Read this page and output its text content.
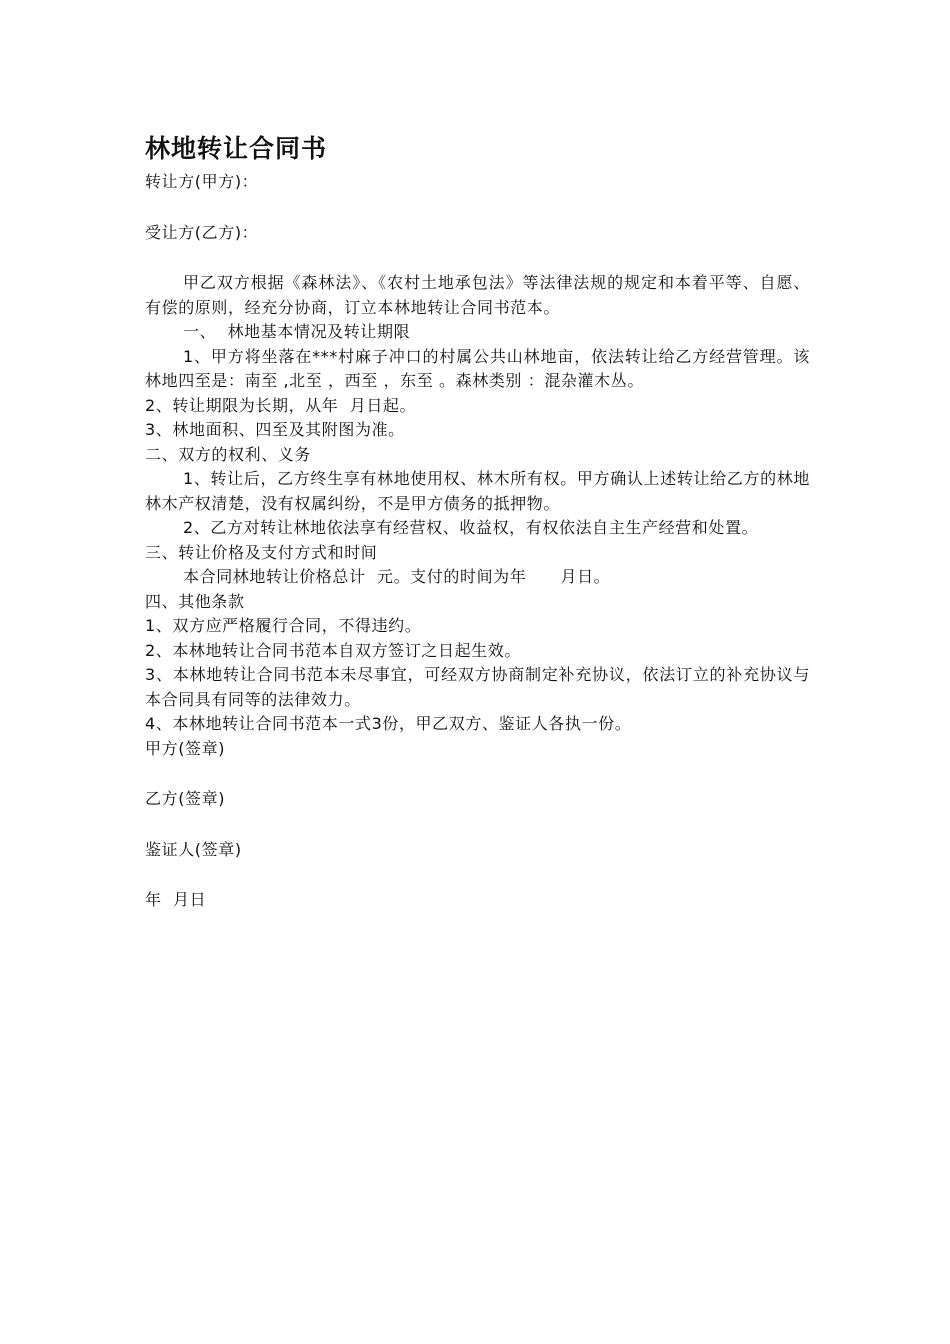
林地转让合同书

转让方(甲方)：

受让方(乙方)：

甲乙双方根据《森林法》、《农村土地承包法》等法律法规的规定和本着平等、自愿、有偿的原则，经充分协商，订立本林地转让合同书范本。

一、  林地基本情况及转让期限

1、甲方将坐落在***村麻子冲口的村属公共山林地亩，依法转让给乙方经营管理。该林地四至是：南至 ,北至 ，西至 ，东至 。森林类别 ：混杂灌木丛。

2、转让期限为长期，从年  月日起。

3、林地面积、四至及其附图为准。

二、双方的权利、义务

1、转让后，乙方终生享有林地使用权、林木所有权。甲方确认上述转让给乙方的林地林木产权清楚，没有权属纠纷，不是甲方债务的抵押物。

2、乙方对转让林地依法享有经营权、收益权，有权依法自主生产经营和处置。

三、转让价格及支付方式和时间

本合同林地转让价格总计  元。支付的时间为年      月日。

四、其他条款

1、双方应严格履行合同，不得违约。

2、本林地转让合同书范本自双方签订之日起生效。

3、本林地转让合同书范本未尽事宜，可经双方协商制定补充协议，依法订立的补充协议与本合同具有同等的法律效力。

4、本林地转让合同书范本一式3份，甲乙双方、鉴证人各执一份。

甲方(签章)

乙方(签章)

鉴证人(签章)

年  月日
